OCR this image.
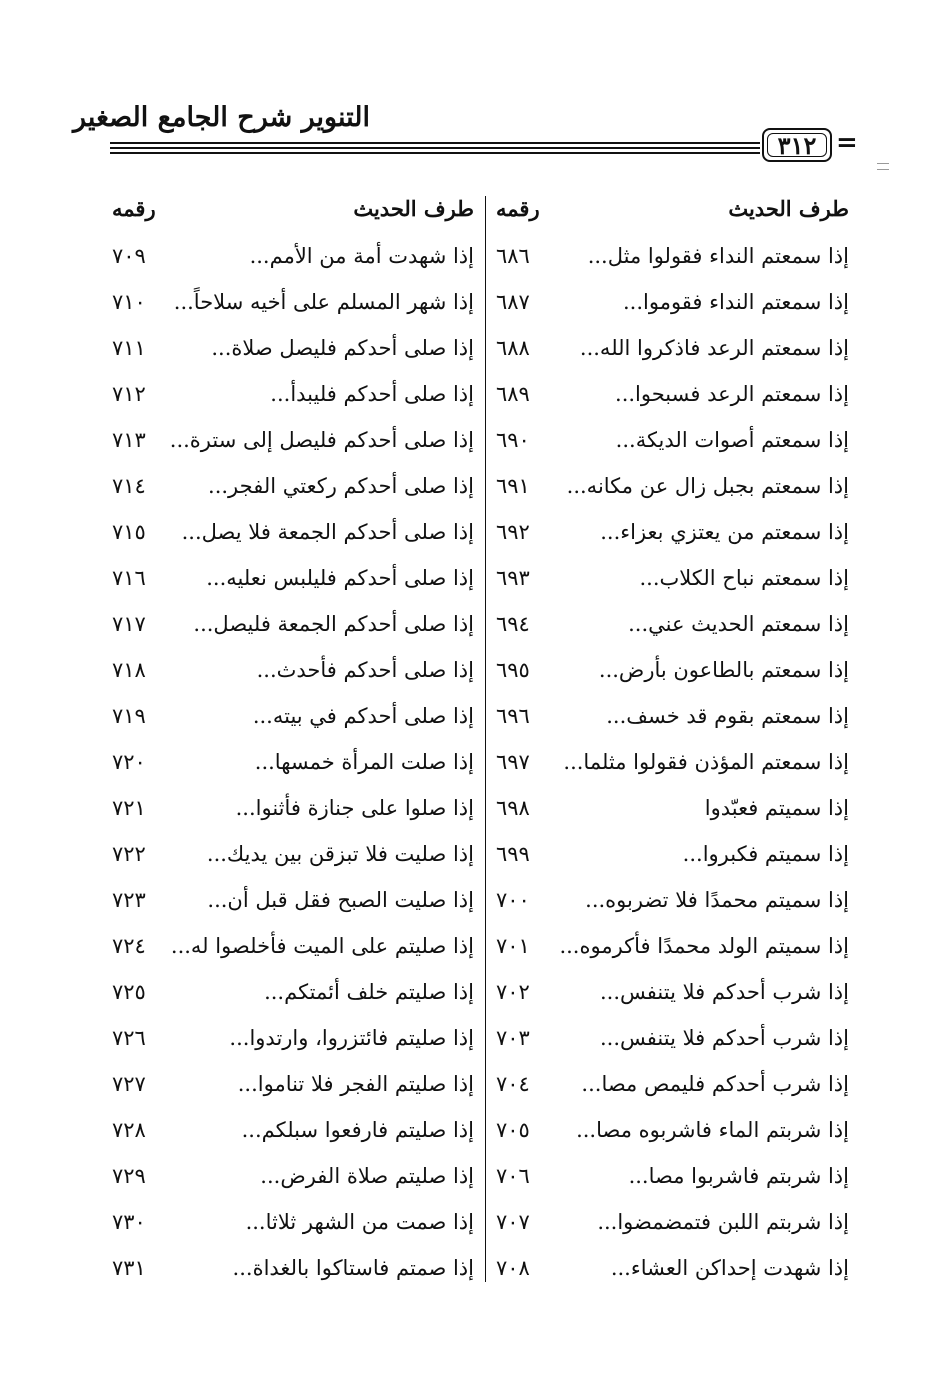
التنوير شرح الجامع الصغير
٣١٢ =
طرف الحديث
رقمه
إذا سمعتم النداء فقولوا مثل...
٦٨٦
إذا سمعتم النداء فقوموا...
٦٨٧
إذا سمعتم الرعد فاذكروا الله...
٦٨٨
إذا سمعتم الرعد فسبحوا...
٦٨٩
إذا سمعتم أصوات الديكة...
٦٩٠
إذا سمعتم بجبل زال عن مكانه...
٦٩١
إذا سمعتم من يعتزي بعزاء...
٦٩٢
إذا سمعتم نباح الكلاب...
٦٩٣
إذا سمعتم الحديث عني...
٦٩٤
إذا سمعتم بالطاعون بأرض...
٦٩٥
إذا سمعتم بقوم قد خسف...
٦٩٦
إذا سمعتم المؤذن فقولوا مثلما...
٦٩٧
إذا سميتم فعبّدوا
٦٩٨
إذا سميتم فكبروا...
٦٩٩
إذا سميتم محمدًا فلا تضربوه...
٧٠٠
إذا سميتم الولد محمدًا فأكرموه...
٧٠١
إذا شرب أحدكم فلا يتنفس...
٧٠٢
إذا شرب أحدكم فلا يتنفس...
٧٠٣
إذا شرب أحدكم فليمص مصا...
٧٠٤
إذا شربتم الماء فاشربوه مصا...
٧٠٥
إذا شربتم فاشربوا مصا...
٧٠٦
إذا شربتم اللبن فتمضمضوا...
٧٠٧
إذا شهدت إحداكن العشاء...
٧٠٨
طرف الحديث
رقمه
إذا شهدت أمة من الأمم...
٧٠٩
إذا شهر المسلم على أخيه سلاحاً...
٧١٠
إذا صلى أحدكم فليصل صلاة...
٧١١
إذا صلى أحدكم فليبدأ...
٧١٢
إذا صلى أحدكم فليصل إلى سترة...
٧١٣
إذا صلى أحدكم ركعتي الفجر...
٧١٤
إذا صلى أحدكم الجمعة فلا يصل...
٧١٥
إذا صلى أحدكم فليلبس نعليه...
٧١٦
إذا صلى أحدكم الجمعة فليصل...
٧١٧
إذا صلى أحدكم فأحدث...
٧١٨
إذا صلى أحدكم في بيته...
٧١٩
إذا صلت المرأة خمسها...
٧٢٠
إذا صلوا على جنازة فأثنوا...
٧٢١
إذا صليت فلا تبزقن بين يديك...
٧٢٢
إذا صليت الصبح فقل قبل أن...
٧٢٣
إذا صليتم على الميت فأخلصوا له...
٧٢٤
إذا صليتم خلف أئمتكم...
٧٢٥
إذا صليتم فائتزروا، وارتدوا...
٧٢٦
إذا صليتم الفجر فلا تناموا...
٧٢٧
إذا صليتم فارفعوا سبلكم...
٧٢٨
إذا صليتم صلاة الفرض...
٧٢٩
إذا صمت من الشهر ثلاثا...
٧٣٠
إذا صمتم فاستاكوا بالغداة...
٧٣١
